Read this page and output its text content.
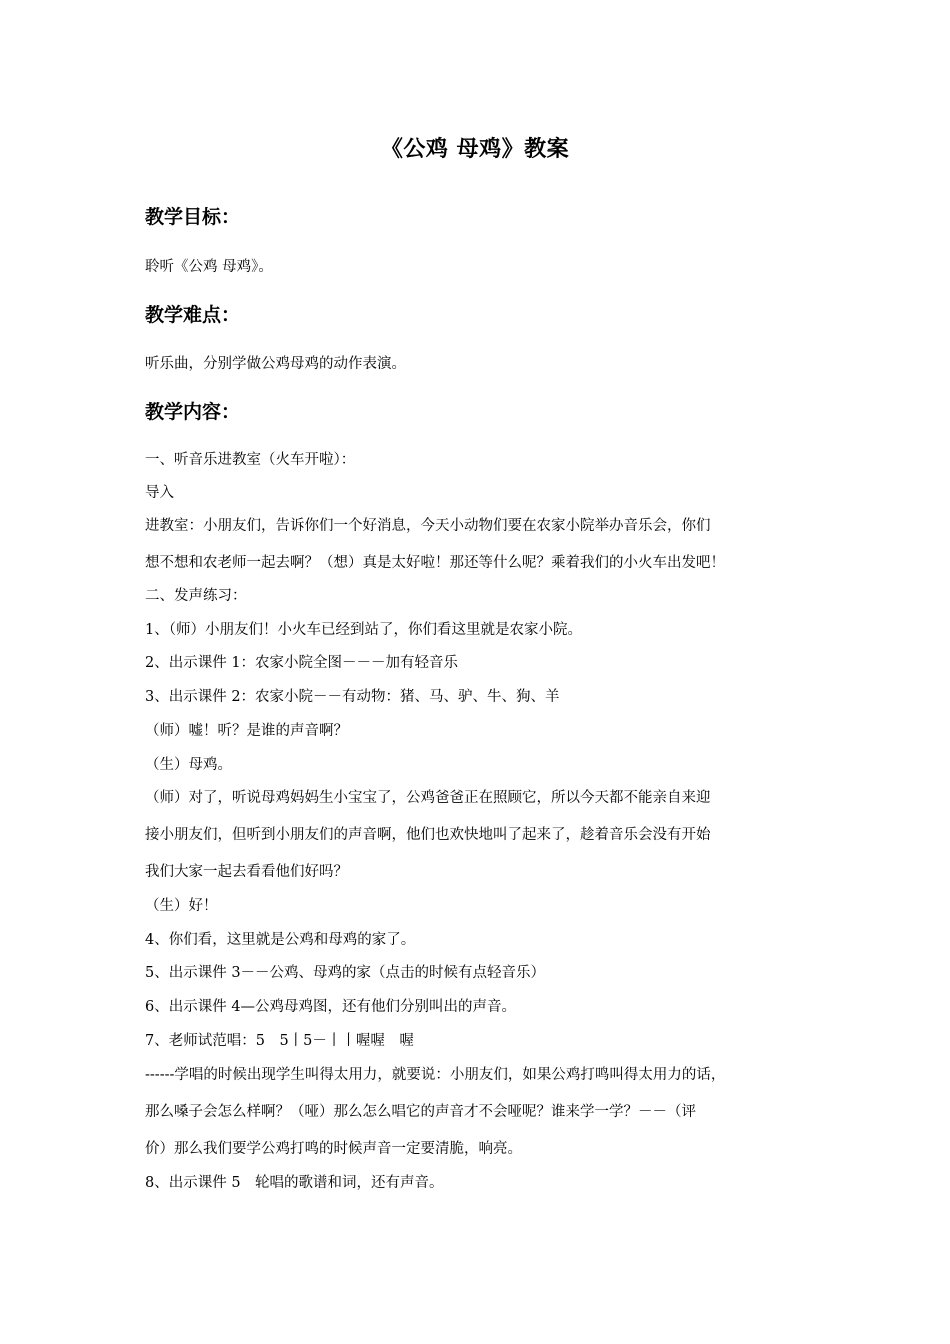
《公鸡 母鸡》教案
教学目标：
聆听《公鸡 母鸡》。
教学难点：
听乐曲，分别学做公鸡母鸡的动作表演。
教学内容：
一、听音乐进教室（火车开啦）：
导入
进教室：小朋友们，告诉你们一个好消息，今天小动物们要在农家小院举办音乐会，你们
想不想和农老师一起去啊？（想）真是太好啦！那还等什么呢？乘着我们的小火车出发吧！
二、发声练习：
1、（师）小朋友们！小火车已经到站了，你们看这里就是农家小院。
2、出示课件 1：农家小院全图－－－加有轻音乐
3、出示课件 2：农家小院－－有动物：猪、马、驴、牛、狗、羊
（师）嘘！听？是谁的声音啊？
（生）母鸡。
（师）对了，听说母鸡妈妈生小宝宝了，公鸡爸爸正在照顾它，所以今天都不能亲自来迎
接小朋友们，但听到小朋友们的声音啊，他们也欢快地叫了起来了，趁着音乐会没有开始
我们大家一起去看看他们好吗？
（生）好！
4、你们看，这里就是公鸡和母鸡的家了。
5、出示课件 3－－公鸡、母鸡的家（点击的时候有点轻音乐）
6、出示课件 4—公鸡母鸡图，还有他们分别叫出的声音。
7、老师试范唱：5　5丨5－丨丨喔喔　喔
------学唱的时候出现学生叫得太用力，就要说：小朋友们，如果公鸡打鸣叫得太用力的话，
那么嗓子会怎么样啊？（哑）那么怎么唱它的声音才不会哑呢？谁来学一学？－－（评
价）那么我们要学公鸡打鸣的时候声音一定要清脆，响亮。
8、出示课件 5　轮唱的歌谱和词，还有声音。
